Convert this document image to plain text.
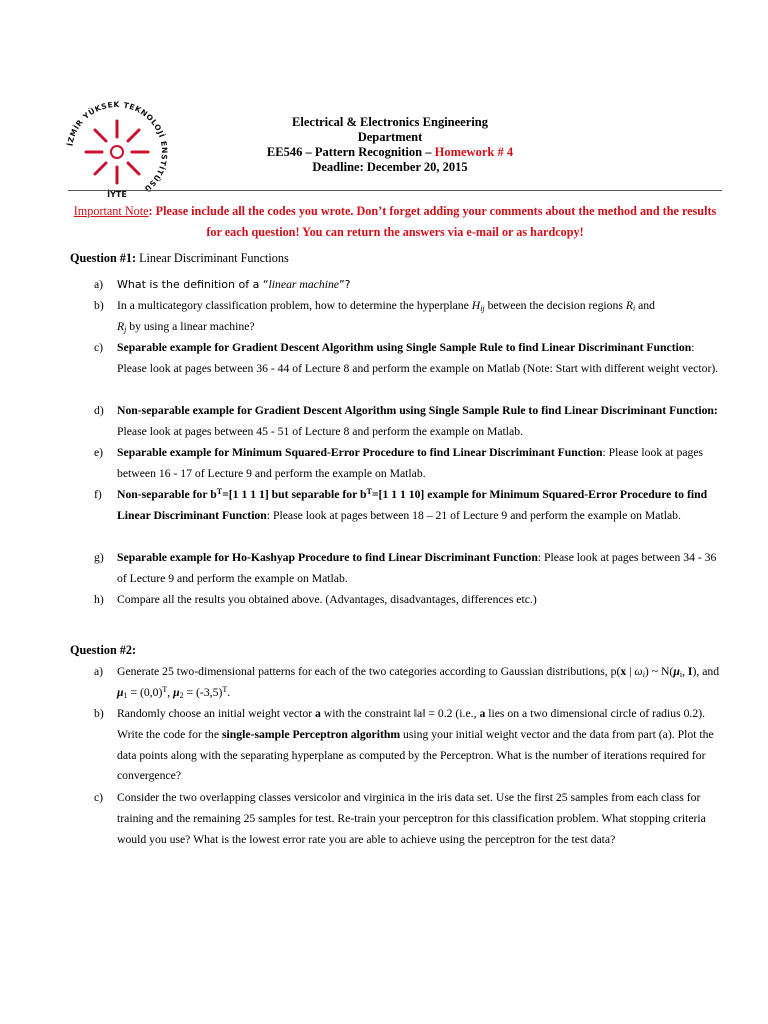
İZMİR YÜKSEK TEKNOLOJİ ENSTİTÜSÜ
İYTE
Electrical & Electronics Engineering Department
EE546 – Pattern Recognition – Homework # 4
Deadline: December 20, 2015
Important Note: Please include all the codes you wrote. Don’t forget adding your comments about the method and the results for each question! You can return the answers via e-mail or as hardcopy!
Question #1: Linear Discriminant Functions
a) What is the definition of a “linear machine”?
b) In a multicategory classification problem, how to determine the hyperplane $H_{ij}$ between the decision regions $R_i$ and
$R_j$ by using a linear machine?
c) Separable example for Gradient Descent Algorithm using Single Sample Rule to find Linear Discriminant Function: Please look at pages between 36 - 44 of Lecture 8 and perform the example on Matlab (Note: Start with different weight vector).
d) Non-separable example for Gradient Descent Algorithm using Single Sample Rule to find Linear Discriminant Function: Please look at pages between 45 - 51 of Lecture 8 and perform the example on Matlab.
e) Separable example for Minimum Squared-Error Procedure to find Linear Discriminant Function: Please look at pages between 16 - 17 of Lecture 9 and perform the example on Matlab.
f) Non-separable for $b^T=[1$ 1 1 1] but separable for $b^T=[1$ 1 1 10] example for Minimum Squared-Error Procedure to find Linear Discriminant Function: Please look at pages between 18 – 21 of Lecture 9 and perform the example on Matlab.
g) Separable example for Ho-Kashyap Procedure to find Linear Discriminant Function: Please look at pages between 34 - 36 of Lecture 9 and perform the example on Matlab.
h) Compare all the results you obtained above. (Advantages, disadvantages, differences etc.)
Question #2:
a) Generate 25 two-dimensional patterns for each of the two categories according to Gaussian distributions, p(x | $\omega_i$) ~ $N(\mu_i$, I), and $\mu_1 = (0,0)^T$, $\mu_2 = (-3,5)^T$.
b) Randomly choose an initial weight vector a with the constraint ‖a‖ = 0.2 (i.e., a lies on a two dimensional circle of radius 0.2). Write the code for the single-sample Perceptron algorithm using your initial weight vector and the data from part (a). Plot the data points along with the separating hyperplane as computed by the Perceptron. What is the number of iterations required for convergence?
c) Consider the two overlapping classes versicolor and virginica in the iris data set. Use the first 25 samples from each class for training and the remaining 25 samples for test. Re-train your perceptron for this classification problem. What stopping criteria would you use? What is the lowest error rate you are able to achieve using the perceptron for the test data?
